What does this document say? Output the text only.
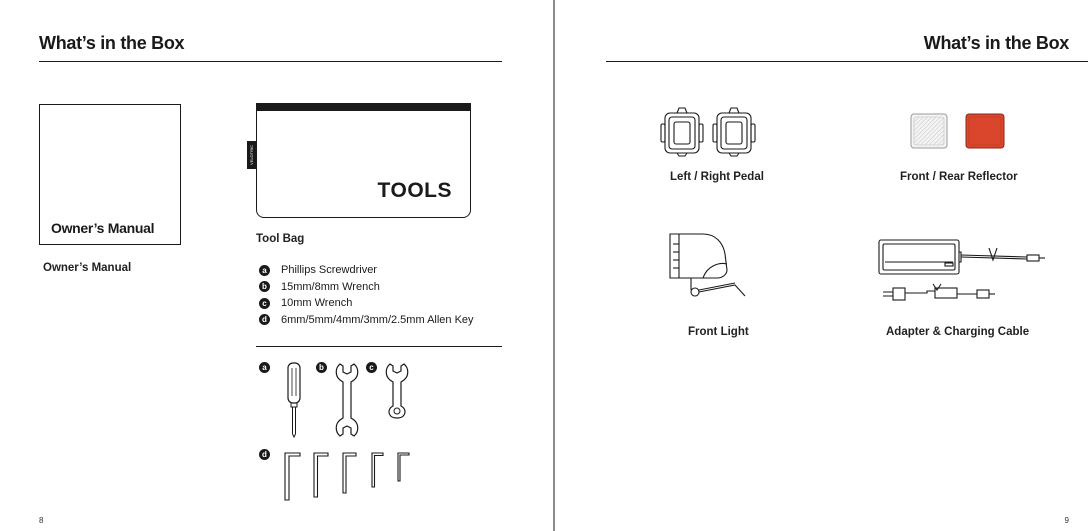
What’s in the Box
Owner’s Manual
Owner’s Manual
VELOTRIC
TOOLS
Tool Bag
a Phillips Screwdriver
b 15mm/8mm Wrench
c 10mm Wrench
d 6mm/5mm/4mm/3mm/2.5mm Allen Key
a	b	c
d
8
What’s in the Box
Left / Right Pedal	Front / Rear Reflector
Front Light	Adapter & Charging Cable
9
